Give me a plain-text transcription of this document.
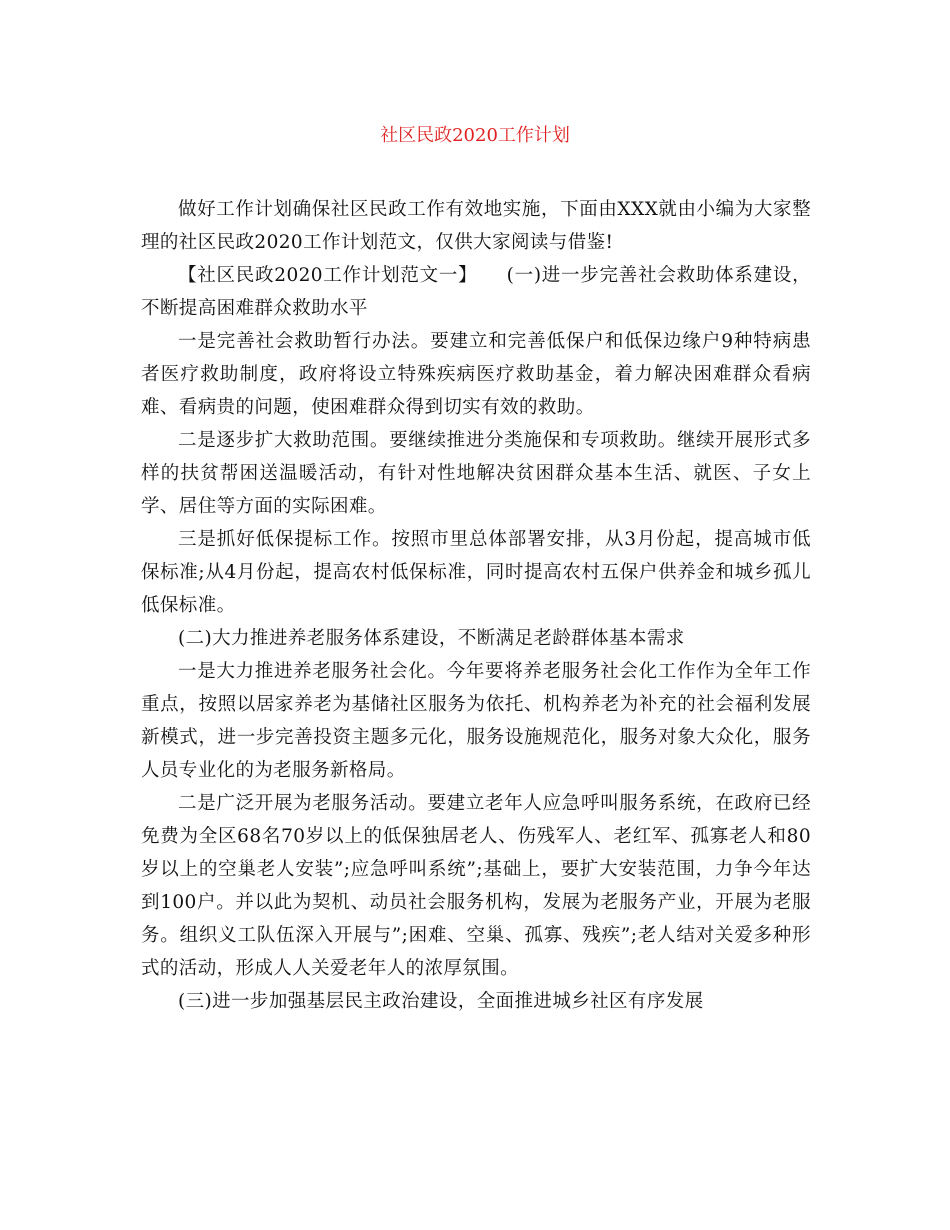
社区民政2020工作计划

做好工作计划确保社区民政工作有效地实施，下面由XXX就由小编为大家整理的社区民政2020工作计划范文，仅供大家阅读与借鉴!

【社区民政2020工作计划范文一】　　(一)进一步完善社会救助体系建设，不断提高困难群众救助水平

一是完善社会救助暂行办法。要建立和完善低保户和低保边缘户9种特病患者医疗救助制度，政府将设立特殊疾病医疗救助基金，着力解决困难群众看病难、看病贵的问题，使困难群众得到切实有效的救助。

二是逐步扩大救助范围。要继续推进分类施保和专项救助。继续开展形式多样的扶贫帮困送温暖活动，有针对性地解决贫困群众基本生活、就医、子女上学、居住等方面的实际困难。

三是抓好低保提标工作。按照市里总体部署安排，从3月份起，提高城市低保标准;从4月份起，提高农村低保标准，同时提高农村五保户供养金和城乡孤儿低保标准。

(二)大力推进养老服务体系建设，不断满足老龄群体基本需求

一是大力推进养老服务社会化。今年要将养老服务社会化工作作为全年工作重点，按照以居家养老为基储社区服务为依托、机构养老为补充的社会福利发展新模式，进一步完善投资主题多元化，服务设施规范化，服务对象大众化，服务人员专业化的为老服务新格局。

二是广泛开展为老服务活动。要建立老年人应急呼叫服务系统，在政府已经免费为全区68名70岁以上的低保独居老人、伤残军人、老红军、孤寡老人和80岁以上的空巢老人安装”;应急呼叫系统”;基础上，要扩大安装范围，力争今年达到100户。并以此为契机、动员社会服务机构，发展为老服务产业，开展为老服务。组织义工队伍深入开展与”;困难、空巢、孤寡、残疾”;老人结对关爱多种形式的活动，形成人人关爱老年人的浓厚氛围。

(三)进一步加强基层民主政治建设，全面推进城乡社区有序发展
